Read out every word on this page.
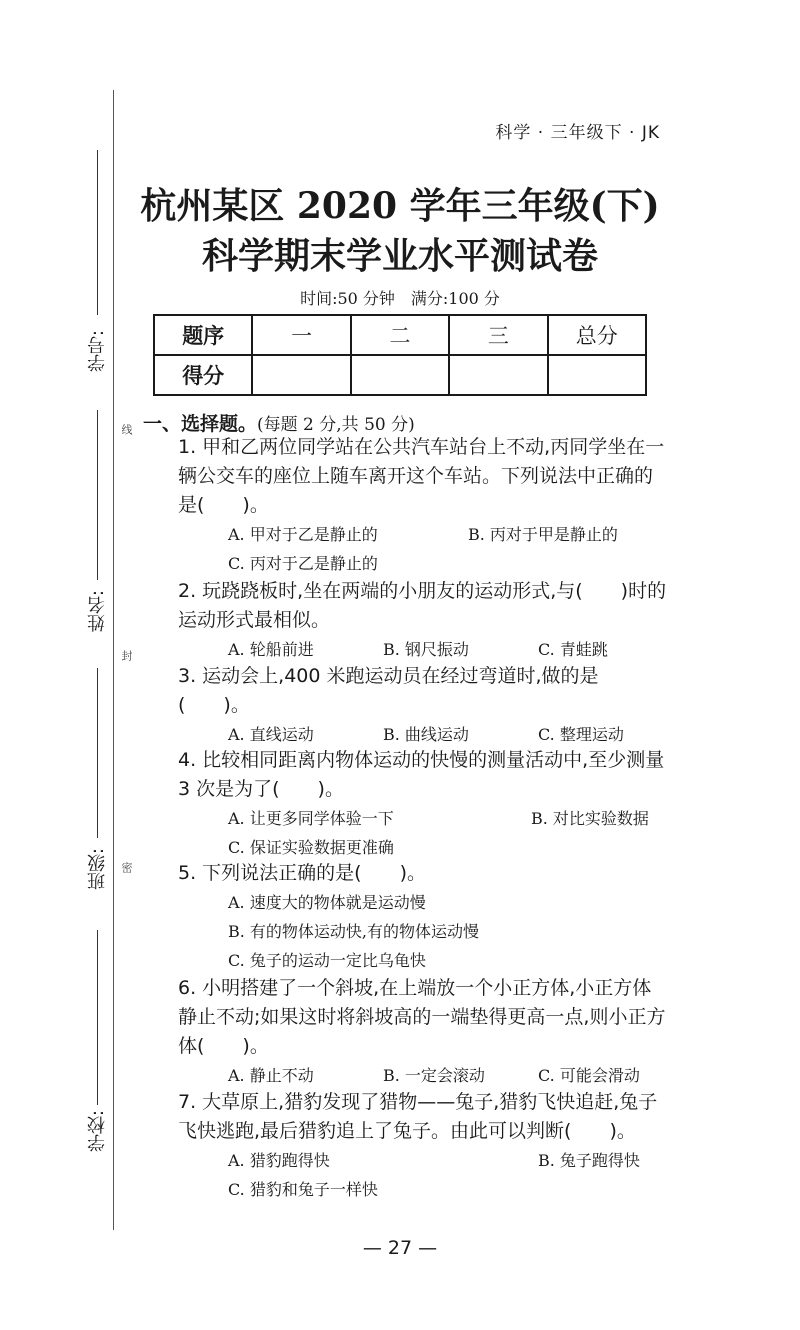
学号:
线
姓名:
封
班级: 密
学校:
科学 · 三年级下 · JK
杭州某区 2020 学年三年级(下)
科学期末学业水平测试卷
时间:50 分钟　满分:100 分
题序	一	二	三	总分
得分				
一、选择题。(每题 2 分,共 50 分)
1. 甲和乙两位同学站在公共汽车站台上不动,丙同学坐在一辆公交车的座位上随车离开这个车站。下列说法中正确的是(　　)。
A. 甲对于乙是静止的	B. 丙对于甲是静止的
C. 丙对于乙是静止的
2. 玩跷跷板时,坐在两端的小朋友的运动形式,与(　　)时的运动形式最相似。
A. 轮船前进	B. 钢尺振动	C. 青蛙跳
3. 运动会上,400 米跑运动员在经过弯道时,做的是(　　)。
A. 直线运动	B. 曲线运动	C. 整理运动
4. 比较相同距离内物体运动的快慢的测量活动中,至少测量 3 次是为了(　　)。
A. 让更多同学体验一下	B. 对比实验数据
C. 保证实验数据更准确
5. 下列说法正确的是(　　)。
A. 速度大的物体就是运动慢
B. 有的物体运动快,有的物体运动慢
C. 兔子的运动一定比乌龟快
6. 小明搭建了一个斜坡,在上端放一个小正方体,小正方体静止不动;如果这时将斜坡高的一端垫得更高一点,则小正方体(　　)。
A. 静止不动	B. 一定会滚动	C. 可能会滑动
7. 大草原上,猎豹发现了猎物——兔子,猎豹飞快追赶,兔子飞快逃跑,最后猎豹追上了兔子。由此可以判断(　　)。
A. 猎豹跑得快	B. 兔子跑得快
C. 猎豹和兔子一样快
— 27 —
